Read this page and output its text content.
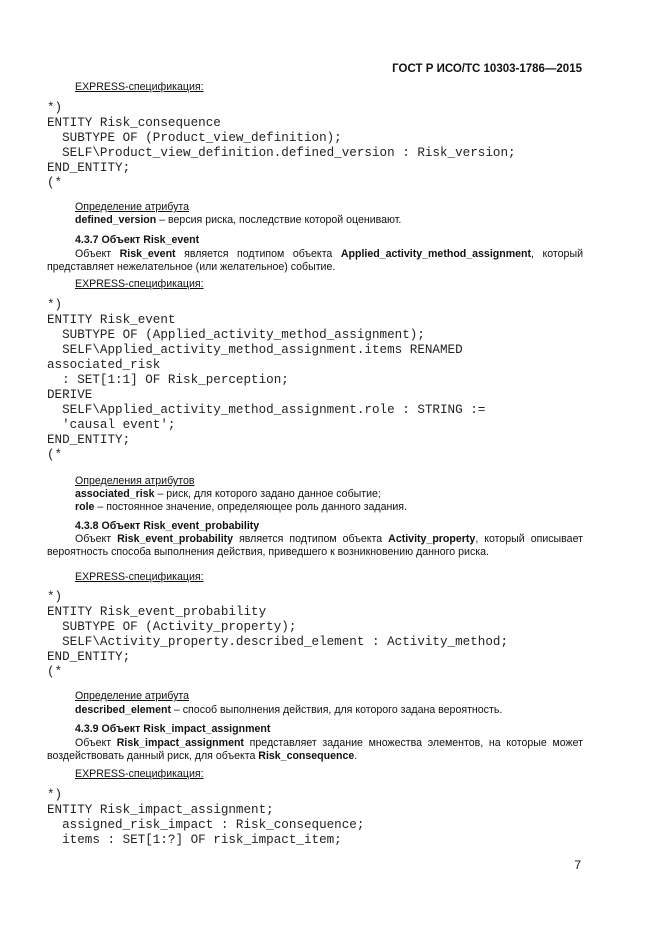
ГОСТ Р ИСО/ТС 10303-1786—2015
EXPRESS-спецификация:
*)
ENTITY Risk_consequence
SUBTYPE OF (Product_view_definition);
SELF\Product_view_definition.defined_version : Risk_version;
END_ENTITY;
(*
Определение атрибута
defined_version – версия риска, последствие которой оценивают.
4.3.7 Объект Risk_event
Объект Risk_event является подтипом объекта Applied_activity_method_assignment, который представляет нежелательное (или желательное) событие.
EXPRESS-спецификация:
*)
ENTITY Risk_event
SUBTYPE OF (Applied_activity_method_assignment);
SELF\Applied_activity_method_assignment.items RENAMED
associated_risk
: SET[1:1] OF Risk_perception;
DERIVE
SELF\Applied_activity_method_assignment.role : STRING :=
'causal event';
END_ENTITY;
(*
Определения атрибутов
associated_risk – риск, для которого задано данное событие;
role – постоянное значение, определяющее роль данного задания.
4.3.8 Объект Risk_event_probability
Объект Risk_event_probability является подтипом объекта Activity_property, который описывает вероятность способа выполнения действия, приведшего к возникновению данного риска.
EXPRESS-спецификация:
*)
ENTITY Risk_event_probability
SUBTYPE OF (Activity_property);
SELF\Activity_property.described_element : Activity_method;
END_ENTITY;
(*
Определение атрибута
described_element – способ выполнения действия, для которого задана вероятность.
4.3.9 Объект Risk_impact_assignment
Объект Risk_impact_assignment представляет задание множества элементов, на которые может воздействовать данный риск, для объекта Risk_consequence.
EXPRESS-спецификация:
*)
ENTITY Risk_impact_assignment;
assigned_risk_impact : Risk_consequence;
items : SET[1:?] OF risk_impact_item;
7
